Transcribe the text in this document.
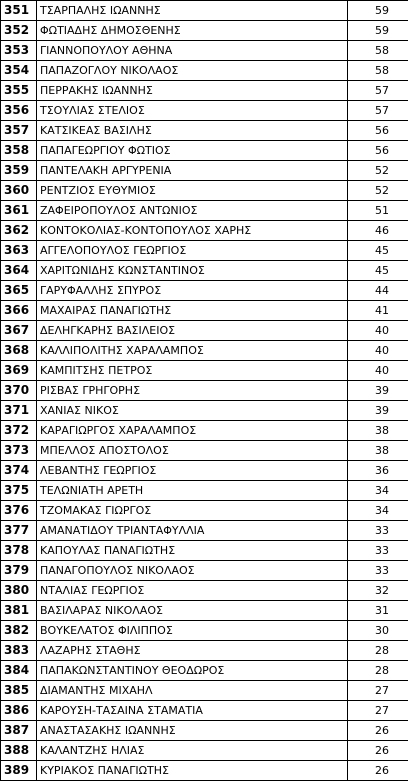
351	ΤΣΑΡΠΑΛΗΣ ΙΩΑΝΝΗΣ	59
352	ΦΩΤΙΑΔΗΣ ΔΗΜΟΣΘΕΝΗΣ	59
353	ΓΙΑΝΝΟΠΟΥΛΟΥ ΑΘΗΝΑ	58
354	ΠΑΠΑΖΟΓΛΟΥ ΝΙΚΟΛΑΟΣ	58
355	ΠΕΡΡΑΚΗΣ ΙΩΑΝΝΗΣ	57
356	ΤΣΟΥΛΙΑΣ ΣΤΕΛΙΟΣ	57
357	ΚΑΤΣΙΚΕΑΣ ΒΑΣΙΛΗΣ	56
358	ΠΑΠΑΓΕΩΡΓΙΟΥ ΦΩΤΙΟΣ	56
359	ΠΑΝΤΕΛΑΚΗ ΑΡΓΥΡΕΝΙΑ	52
360	ΡΕΝΤΖΙΟΣ ΕΥΘΥΜΙΟΣ	52
361	ΖΑΦΕΙΡΟΠΟΥΛΟΣ ΑΝΤΩΝΙΟΣ	51
362	ΚΟΝΤΟΚΟΛΙΑΣ-ΚΟΝΤΟΠΟΥΛΟΣ ΧΑΡΗΣ	46
363	ΑΓΓΕΛΟΠΟΥΛΟΣ ΓΕΩΡΓΙΟΣ	45
364	ΧΑΡΙΤΩΝΙΔΗΣ ΚΩΝΣΤΑΝΤΙΝΟΣ	45
365	ΓΑΡΥΦΑΛΛΗΣ ΣΠΥΡΟΣ	44
366	ΜΑΧΑΙΡΑΣ ΠΑΝΑΓΙΩΤΗΣ	41
367	ΔΕΛΗΓΚΑΡΗΣ ΒΑΣΙΛΕΙΟΣ	40
368	ΚΑΛΛΙΠΟΛΙΤΗΣ ΧΑΡΑΛΑΜΠΟΣ	40
369	ΚΑΜΠΙΤΣΗΣ ΠΕΤΡΟΣ	40
370	ΡΙΣΒΑΣ ΓΡΗΓΟΡΗΣ	39
371	ΧΑΝΙΑΣ ΝΙΚΟΣ	39
372	ΚΑΡΑΓΙΩΡΓΟΣ ΧΑΡΑΛΑΜΠΟΣ	38
373	ΜΠΕΛΛΟΣ ΑΠΟΣΤΟΛΟΣ	38
374	ΛΕΒΑΝΤΗΣ ΓΕΩΡΓΙΟΣ	36
375	ΤΕΛΩΝΙΑΤΗ ΑΡΕΤΗ	34
376	ΤΖΟΜΑΚΑΣ ΓΙΩΡΓΟΣ	34
377	ΑΜΑΝΑΤΙΔΟΥ ΤΡΙΑΝΤΑΦΥΛΛΙΑ	33
378	ΚΑΠΟΥΛΑΣ ΠΑΝΑΓΙΩΤΗΣ	33
379	ΠΑΝΑΓΟΠΟΥΛΟΣ ΝΙΚΟΛΑΟΣ	33
380	ΝΤΑΛΙΑΣ ΓΕΩΡΓΙΟΣ	32
381	ΒΑΣΙΛΑΡΑΣ ΝΙΚΟΛΑΟΣ	31
382	ΒΟΥΚΕΛΑΤΟΣ ΦΙΛΙΠΠΟΣ	30
383	ΛΑΖΑΡΗΣ ΣΤΑΘΗΣ	28
384	ΠΑΠΑΚΩΝΣΤΑΝΤΙΝΟΥ ΘΕΟΔΩΡΟΣ	28
385	ΔΙΑΜΑΝΤΗΣ ΜΙΧΑΗΛ	27
386	ΚΑΡΟΥΣΗ-ΤΑΣΑΙΝΑ ΣΤΑΜΑΤΙΑ	27
387	ΑΝΑΣΤΑΣΑΚΗΣ ΙΩΑΝΝΗΣ	26
388	ΚΑΛΑΝΤΖΗΣ ΗΛΙΑΣ	26
389	ΚΥΡΙΑΚΟΣ ΠΑΝΑΓΙΩΤΗΣ	26
